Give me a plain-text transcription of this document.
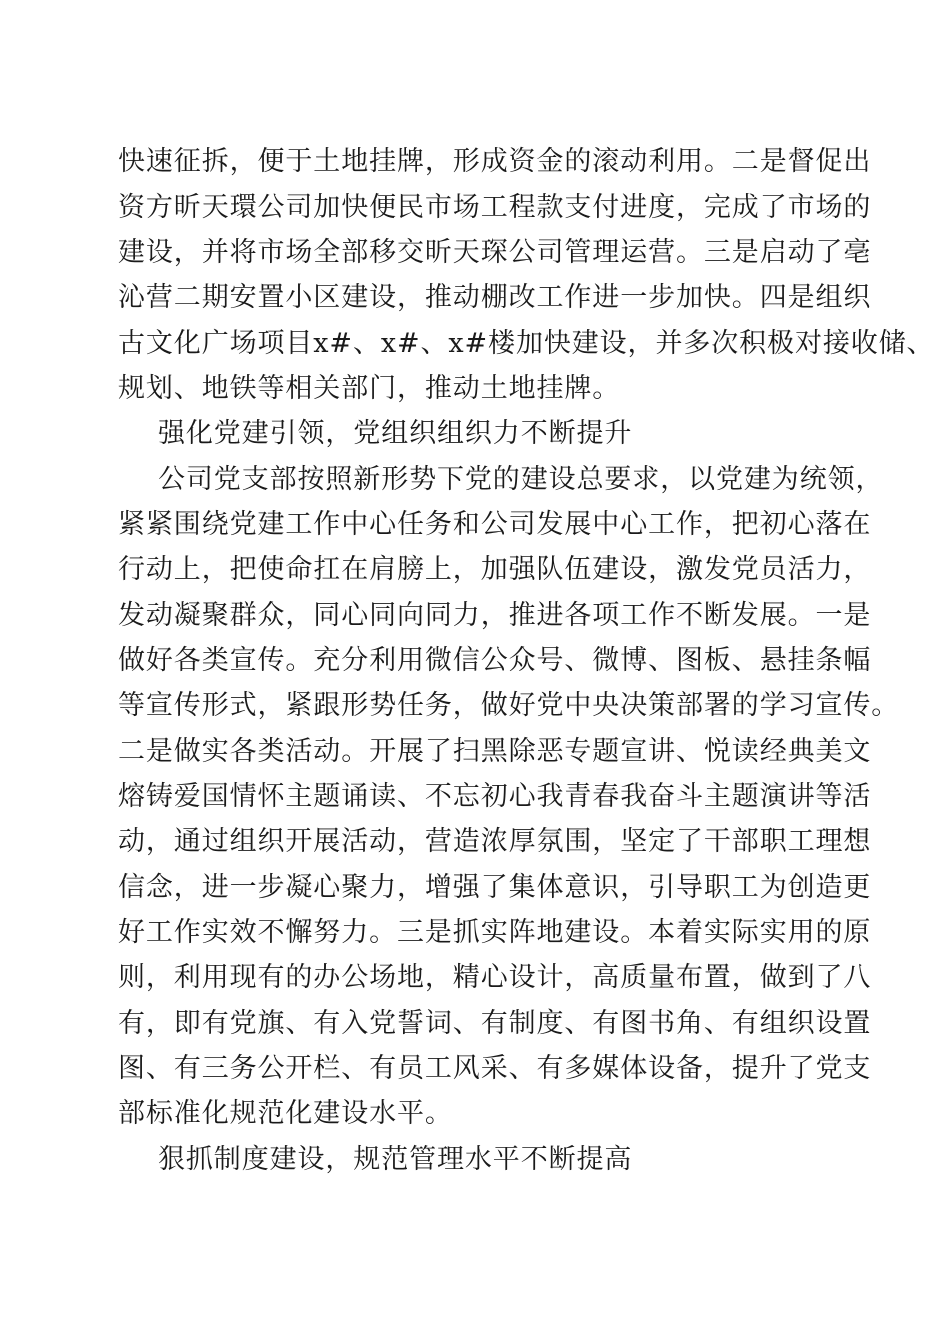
快速征拆，便于土地挂牌，形成资金的滚动利用。二是督促出
资方昕天環公司加快便民市场工程款支付进度，完成了市场的
建设，并将市场全部移交昕天琛公司管理运营。三是启动了亳
沁营二期安置小区建设，推动棚改工作进一步加快。四是组织
古文化广场项目x#、x#、x#楼加快建设，并多次积极对接收储、
规划、地铁等相关部门，推动土地挂牌。
强化党建引领，党组织组织力不断提升
公司党支部按照新形势下党的建设总要求，以党建为统领，
紧紧围绕党建工作中心任务和公司发展中心工作，把初心落在
行动上，把使命扛在肩膀上，加强队伍建设，激发党员活力，
发动凝聚群众，同心同向同力，推进各项工作不断发展。一是
做好各类宣传。充分利用微信公众号、微博、图板、悬挂条幅
等宣传形式，紧跟形势任务，做好党中央决策部署的学习宣传。
二是做实各类活动。开展了扫黑除恶专题宣讲、悦读经典美文
熔铸爱国情怀主题诵读、不忘初心我青春我奋斗主题演讲等活
动，通过组织开展活动，营造浓厚氛围，坚定了干部职工理想
信念，进一步凝心聚力，增强了集体意识，引导职工为创造更
好工作实效不懈努力。三是抓实阵地建设。本着实际实用的原
则，利用现有的办公场地，精心设计，高质量布置，做到了八
有，即有党旗、有入党誓词、有制度、有图书角、有组织设置
图、有三务公开栏、有员工风采、有多媒体设备，提升了党支
部标准化规范化建设水平。
狠抓制度建设，规范管理水平不断提高
